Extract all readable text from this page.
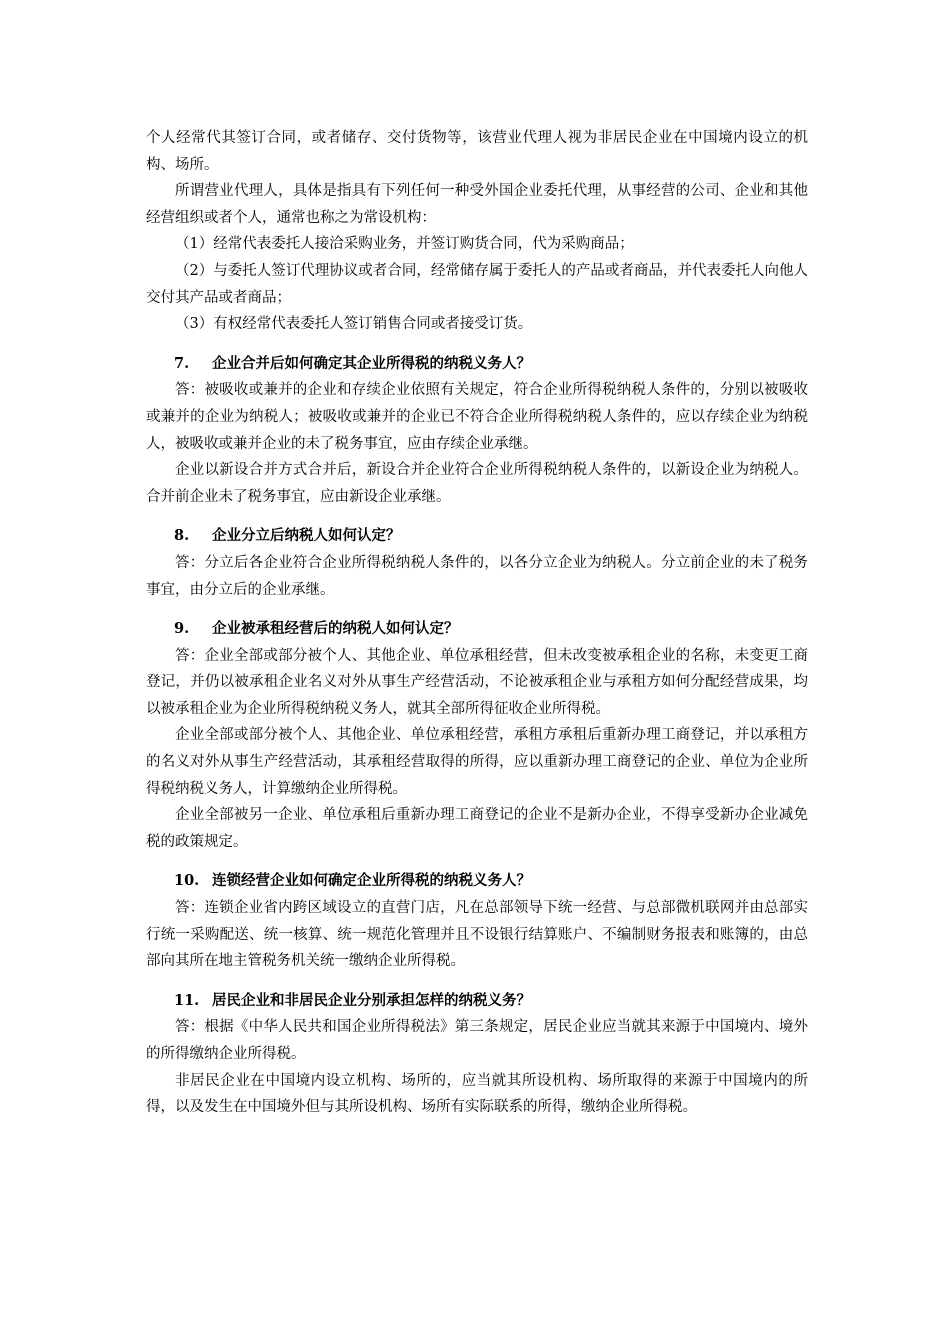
个人经常代其签订合同，或者储存、交付货物等，该营业代理人视为非居民企业在中国境内设立的机构、场所。

所谓营业代理人，具体是指具有下列任何一种受外国企业委托代理，从事经营的公司、企业和其他经营组织或者个人，通常也称之为常设机构：

（1）经常代表委托人接洽采购业务，并签订购货合同，代为采购商品；

（2）与委托人签订代理协议或者合同，经常储存属于委托人的产品或者商品，并代表委托人向他人交付其产品或者商品；

（3）有权经常代表委托人签订销售合同或者接受订货。

7. 企业合并后如何确定其企业所得税的纳税义务人？

答：被吸收或兼并的企业和存续企业依照有关规定，符合企业所得税纳税人条件的，分别以被吸收或兼并的企业为纳税人；被吸收或兼并的企业已不符合企业所得税纳税人条件的，应以存续企业为纳税人，被吸收或兼并企业的未了税务事宜，应由存续企业承继。

企业以新设合并方式合并后，新设合并企业符合企业所得税纳税人条件的，以新设企业为纳税人。合并前企业未了税务事宜，应由新设企业承继。

8. 企业分立后纳税人如何认定？

答：分立后各企业符合企业所得税纳税人条件的，以各分立企业为纳税人。分立前企业的未了税务事宜，由分立后的企业承继。

9. 企业被承租经营后的纳税人如何认定？

答：企业全部或部分被个人、其他企业、单位承租经营，但未改变被承租企业的名称，未变更工商登记，并仍以被承租企业名义对外从事生产经营活动，不论被承租企业与承租方如何分配经营成果，均以被承租企业为企业所得税纳税义务人，就其全部所得征收企业所得税。

企业全部或部分被个人、其他企业、单位承租经营，承租方承租后重新办理工商登记，并以承租方的名义对外从事生产经营活动，其承租经营取得的所得，应以重新办理工商登记的企业、单位为企业所得税纳税义务人，计算缴纳企业所得税。

企业全部被另一企业、单位承租后重新办理工商登记的企业不是新办企业，不得享受新办企业减免税的政策规定。

10. 连锁经营企业如何确定企业所得税的纳税义务人？

答：连锁企业省内跨区域设立的直营门店，凡在总部领导下统一经营、与总部微机联网并由总部实行统一采购配送、统一核算、统一规范化管理并且不设银行结算账户、不编制财务报表和账簿的，由总部向其所在地主管税务机关统一缴纳企业所得税。

11. 居民企业和非居民企业分别承担怎样的纳税义务？

答：根据《中华人民共和国企业所得税法》第三条规定，居民企业应当就其来源于中国境内、境外的所得缴纳企业所得税。

非居民企业在中国境内设立机构、场所的，应当就其所设机构、场所取得的来源于中国境内的所得，以及发生在中国境外但与其所设机构、场所有实际联系的所得，缴纳企业所得税。
